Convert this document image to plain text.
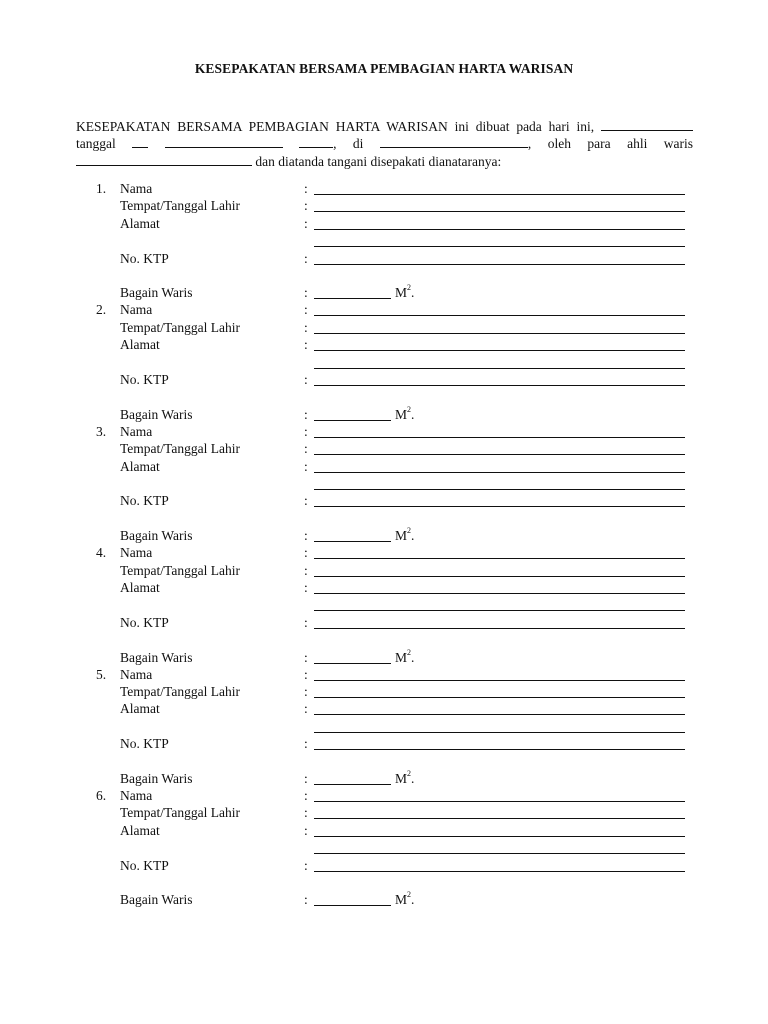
KESEPAKATAN BERSAMA PEMBAGIAN HARTA WARISAN
KESEPAKATAN BERSAMA PEMBAGIAN HARTA WARISAN ini dibuat pada hari ini,  tanggal	, di	, oleh para ahli waris  dan diatanda tangani disepakati dianataranya:
1. Nama	:
Tempat/Tanggal Lahir	:
Alamat	:
No. KTP	:
Bagain Waris	:	$M^2$.
2. Nama	:
Tempat/Tanggal Lahir	:
Alamat	:
No. KTP	:
Bagain Waris	:	$M^2$.
3. Nama	:
Tempat/Tanggal Lahir	:
Alamat	:
No. KTP	:
Bagain Waris	:	$M^2$.
4. Nama	:
Tempat/Tanggal Lahir	:
Alamat	:
No. KTP	:
Bagain Waris	:	$M^2$.
5. Nama	:
Tempat/Tanggal Lahir	:
Alamat	:
No. KTP	:
Bagain Waris	:	$M^2$.
6. Nama	:
Tempat/Tanggal Lahir	:
Alamat	:
No. KTP	:
Bagain Waris	:	$M^2$.
